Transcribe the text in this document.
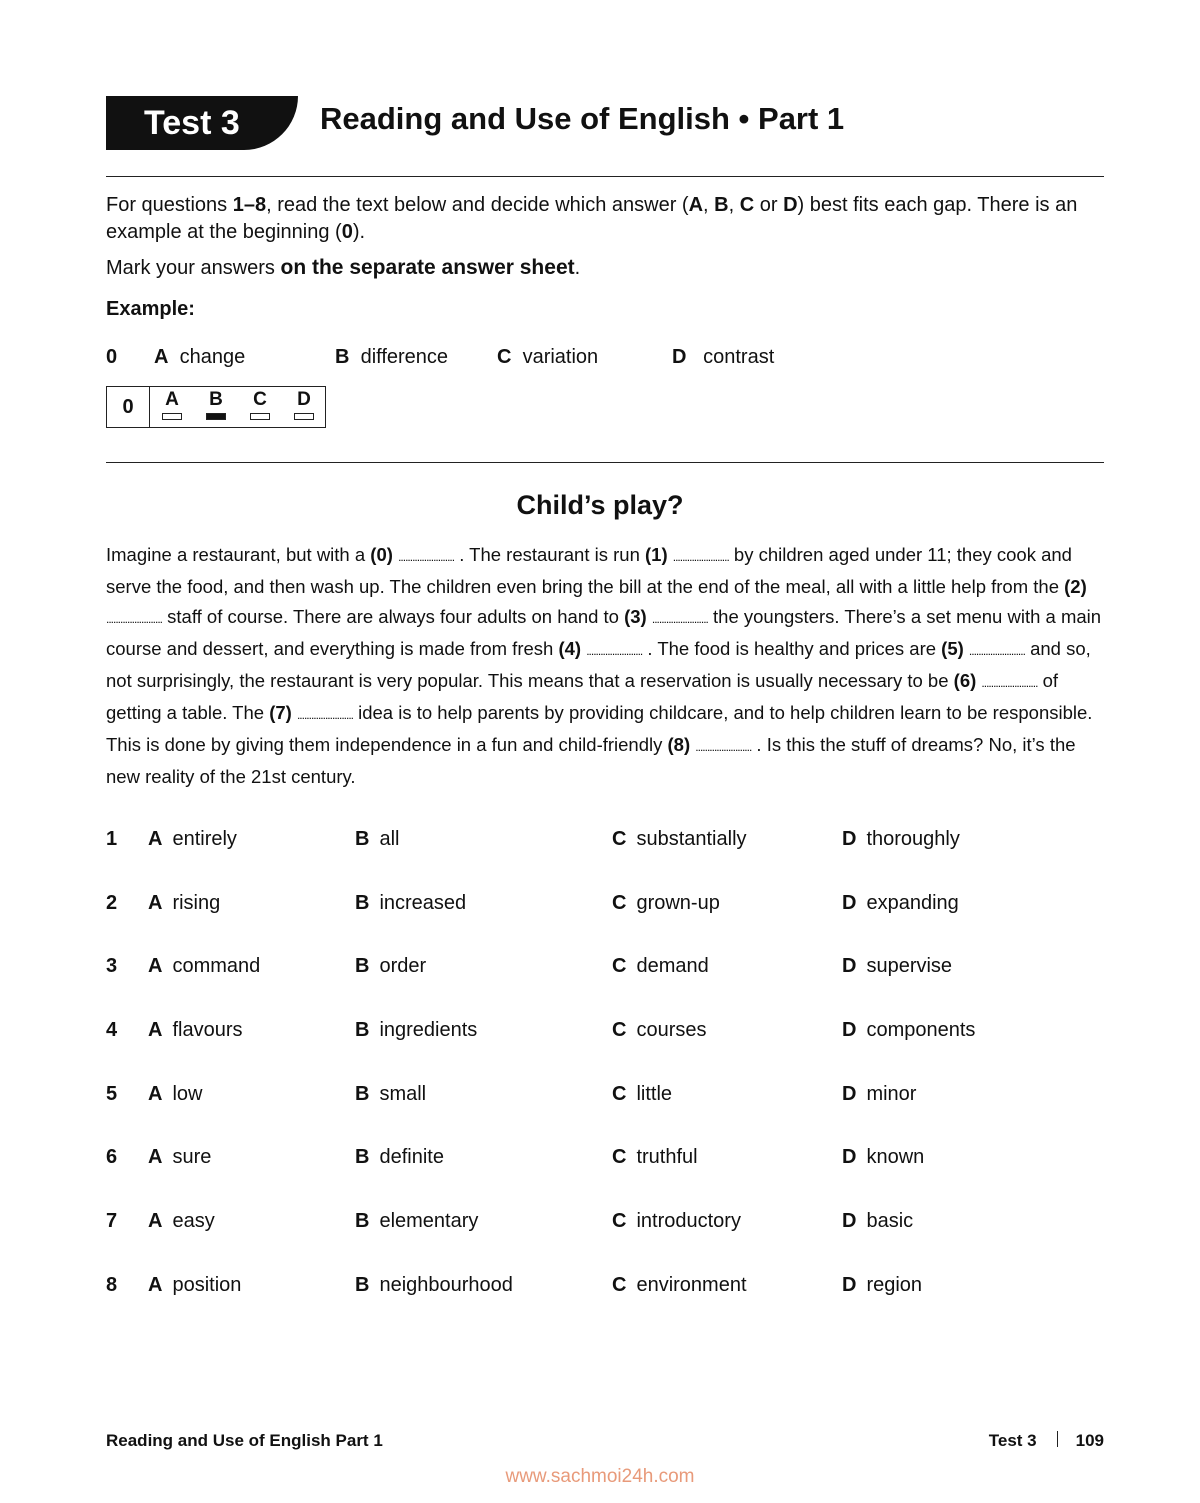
Test 3	Reading and Use of English • Part 1
For questions 1–8, read the text below and decide which answer (A, B, C or D) best fits each gap. There is an example at the beginning (0).
Mark your answers on the separate answer sheet.
Example:
0 A change	B difference C variation	D contrast
0	A B C D
Child’s play?

Imagine a restaurant, but with a (0) ........................ . The restaurant is run (1) ........................ by children aged under 11; they cook and serve the food, and then wash up. The children even bring the bill at the end of the meal, all with a little help from the (2) ........................ staff of course. There are always four adults on hand to (3) ........................ the youngsters. There’s a set menu with a main course and dessert, and everything is made from fresh (4) ........................ . The food is healthy and prices are (5) ........................ and so, not surprisingly, the restaurant is very popular. This means that a reservation is usually necessary to be (6) ........................ of getting a table. The (7) ........................ idea is to help parents by providing childcare, and to help children learn to be responsible. This is done by giving them independence in a fun and child-friendly (8) ........................ . Is this the stuff of dreams? No, it’s the new reality of the 21st century.

1 A entirely	B all	C substantially	D thoroughly
2 A rising	B increased	C grown-up	D expanding
3 A command	B order	C demand	D supervise
4 A flavours	B ingredients	C courses	D components
5 A low	B small	C little	D minor
6 A sure	B definite	C truthful	D known
7 A easy	B elementary	C introductory	D basic
8 A position	B neighbourhood	C environment	D region
Reading and Use of English Part 1	Test 3 109
www.sachmoi24h.com
